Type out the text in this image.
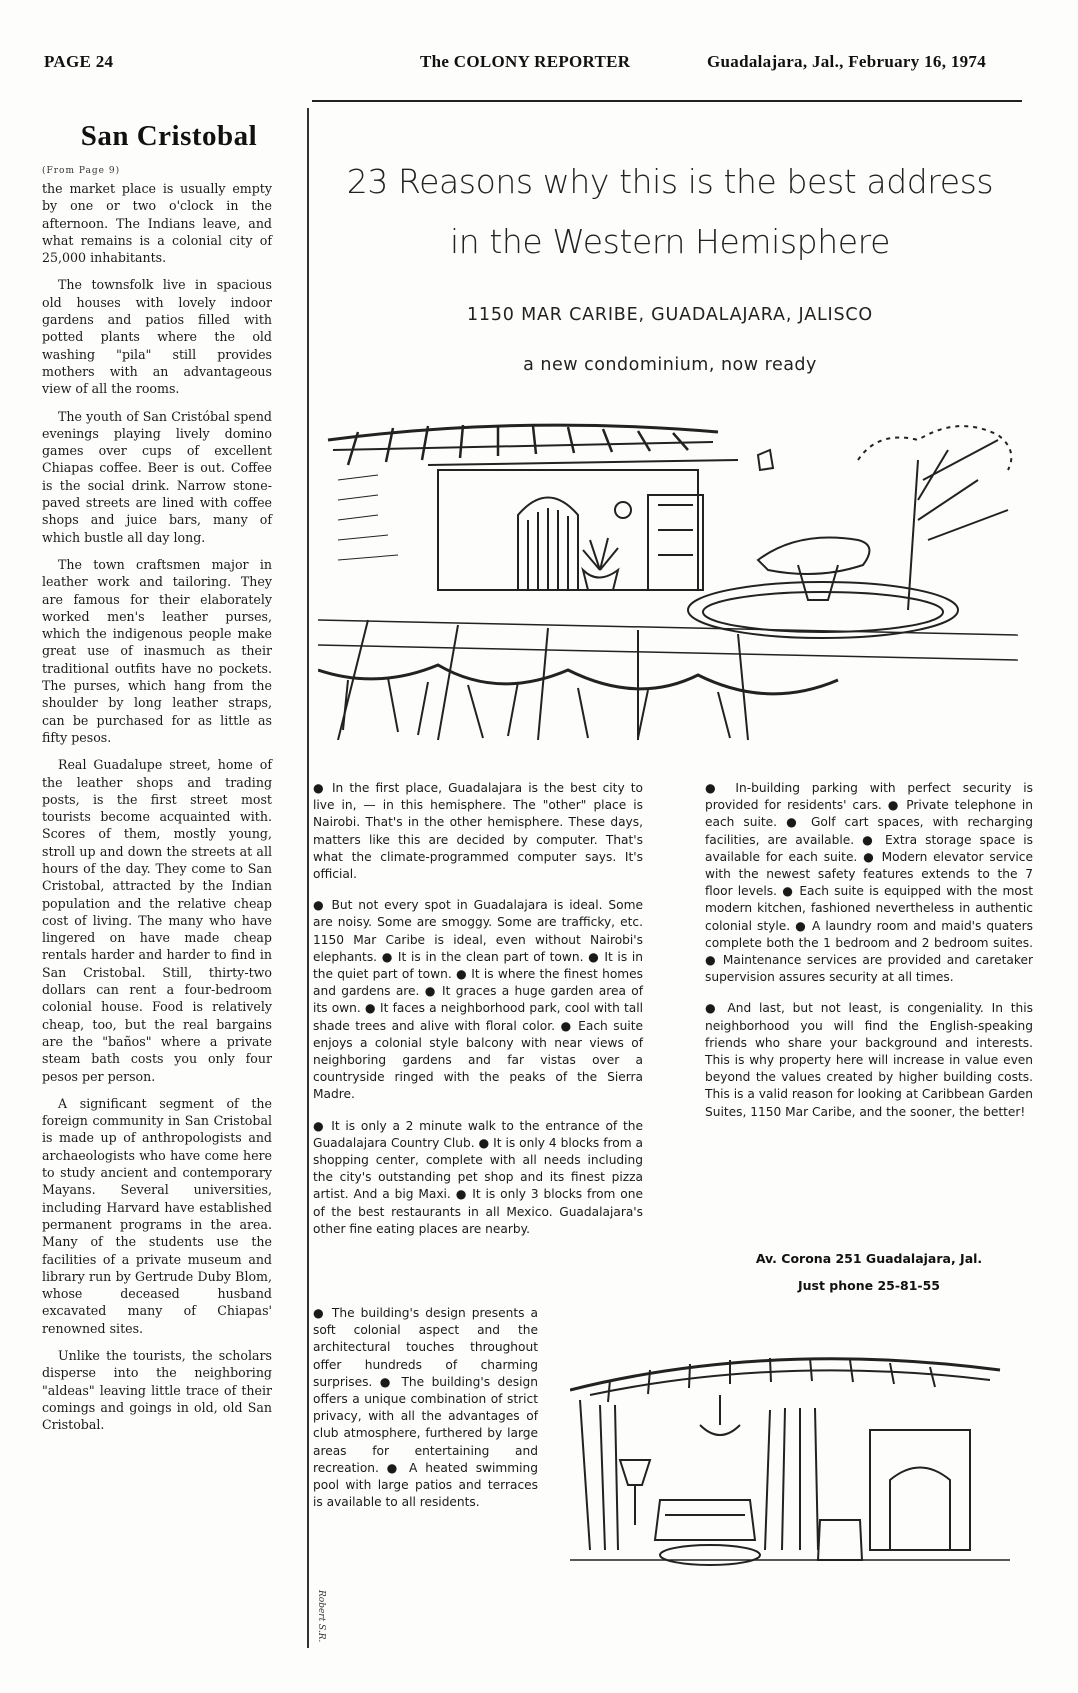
PAGE 24	The COLONY REPORTER	Guadalajara, Jal., February 16, 1974
San Cristobal
(From Page 9)

the market place is usually empty by one or two o'clock in the afternoon. The Indians leave, and what remains is a colonial city of 25,000 inhabitants.

The townsfolk live in spacious old houses with lovely indoor gardens and patios filled with potted plants where the old washing "pila" still provides mothers with an advantageous view of all the rooms.

The youth of San Cristóbal spend evenings playing lively domino games over cups of excellent Chiapas coffee. Beer is out. Coffee is the social drink. Narrow stone-paved streets are lined with coffee shops and juice bars, many of which bustle all day long.

The town craftsmen major in leather work and tailoring. They are famous for their elaborately worked men's leather purses, which the indigenous people make great use of inasmuch as their traditional outfits have no pockets. The purses, which hang from the shoulder by long leather straps, can be purchased for as little as fifty pesos.

Real Guadalupe street, home of the leather shops and trading posts, is the first street most tourists become acquainted with. Scores of them, mostly young, stroll up and down the streets at all hours of the day. They come to San Cristobal, attracted by the Indian population and the relative cheap cost of living. The many who have lingered on have made cheap rentals harder and harder to find in San Cristobal. Still, thirty-two dollars can rent a four-bedroom colonial house. Food is relatively cheap, too, but the real bargains are the "baños" where a private steam bath costs you only four pesos per person.

A significant segment of the foreign community in San Cristobal is made up of anthropologists and archaeologists who have come here to study ancient and contemporary Mayans. Several universities, including Harvard have established permanent programs in the area. Many of the students use the facilities of a private museum and library run by Gertrude Duby Blom, whose deceased husband excavated many of Chiapas' renowned sites.

Unlike the tourists, the scholars disperse into the neighboring "aldeas" leaving little trace of their comings and goings in old, old San Cristobal.

23 Reasons why this is the best address
in the Western Hemisphere
1150 MAR CARIBE, GUADALAJARA, JALISCO
a new condominium, now ready

● In the first place, Guadalajara is the best city to live in, — in this hemisphere. The "other" place is Nairobi. That's in the other hemisphere. These days, matters like this are decided by computer. That's what the climate-programmed computer says. It's official.

● But not every spot in Guadalajara is ideal. Some are noisy. Some are smoggy. Some are trafficky, etc. 1150 Mar Caribe is ideal, even without Nairobi's elephants. ● It is in the clean part of town. ● It is in the quiet part of town. ● It is where the finest homes and gardens are. ● It graces a huge garden area of its own. ● It faces a neighborhood park, cool with tall shade trees and alive with floral color. ● Each suite enjoys a colonial style balcony with near views of neighboring gardens and far vistas over a countryside ringed with the peaks of the Sierra Madre.

● It is only a 2 minute walk to the entrance of the Guadalajara Country Club. ● It is only 4 blocks from a shopping center, complete with all needs including the city's outstanding pet shop and its finest pizza artist. And a big Maxi. ● It is only 3 blocks from one of the best restaurants in all Mexico. Guadalajara's other fine eating places are nearby.

● The building's design presents a soft colonial aspect and the architectural touches throughout offer hundreds of charming surprises. ● The building's design offers a unique combination of strict privacy, with all the advantages of club atmosphere, furthered by large areas for entertaining and recreation. ● A heated swimming pool with large patios and terraces is available to all residents.

● In-building parking with perfect security is provided for residents' cars. ● Private telephone in each suite. ● Golf cart spaces, with recharging facilities, are available. ● Extra storage space is available for each suite. ● Modern elevator service with the newest safety features extends to the 7 floor levels. ● Each suite is equipped with the most modern kitchen, fashioned nevertheless in authentic colonial style. ● A laundry room and maid's quaters complete both the 1 bedroom and 2 bedroom suites. ● Maintenance services are provided and caretaker supervision assures security at all times.

● And last, but not least, is congeniality. In this neighborhood you will find the English-speaking friends who share your background and interests. This is why property here will increase in value even beyond the values created by higher building costs. This is a valid reason for looking at Caribbean Garden Suites, 1150 Mar Caribe, and the sooner, the better!

Av. Corona 251 Guadalajara, Jal.
Just phone 25-81-55
Robert S.R.
